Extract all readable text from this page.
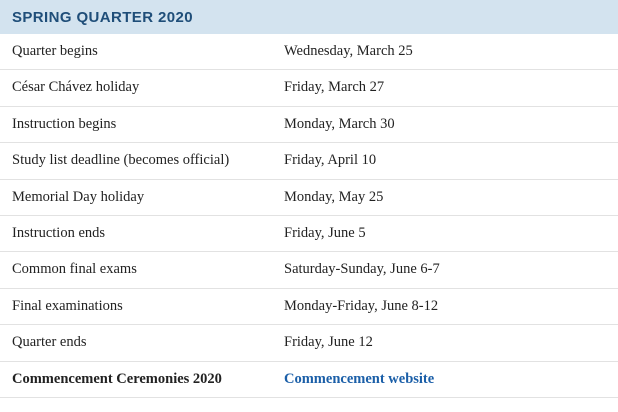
SPRING QUARTER 2020
Quarter begins	Wednesday, March 25
César Chávez holiday	Friday, March 27
Instruction begins	Monday, March 30
Study list deadline (becomes official)	Friday, April 10
Memorial Day holiday	Monday, May 25
Instruction ends	Friday, June 5
Common final exams	Saturday-Sunday, June 6-7
Final examinations	Monday-Friday, June 8-12
Quarter ends	Friday, June 12
Commencement Ceremonies 2020	Commencement website
